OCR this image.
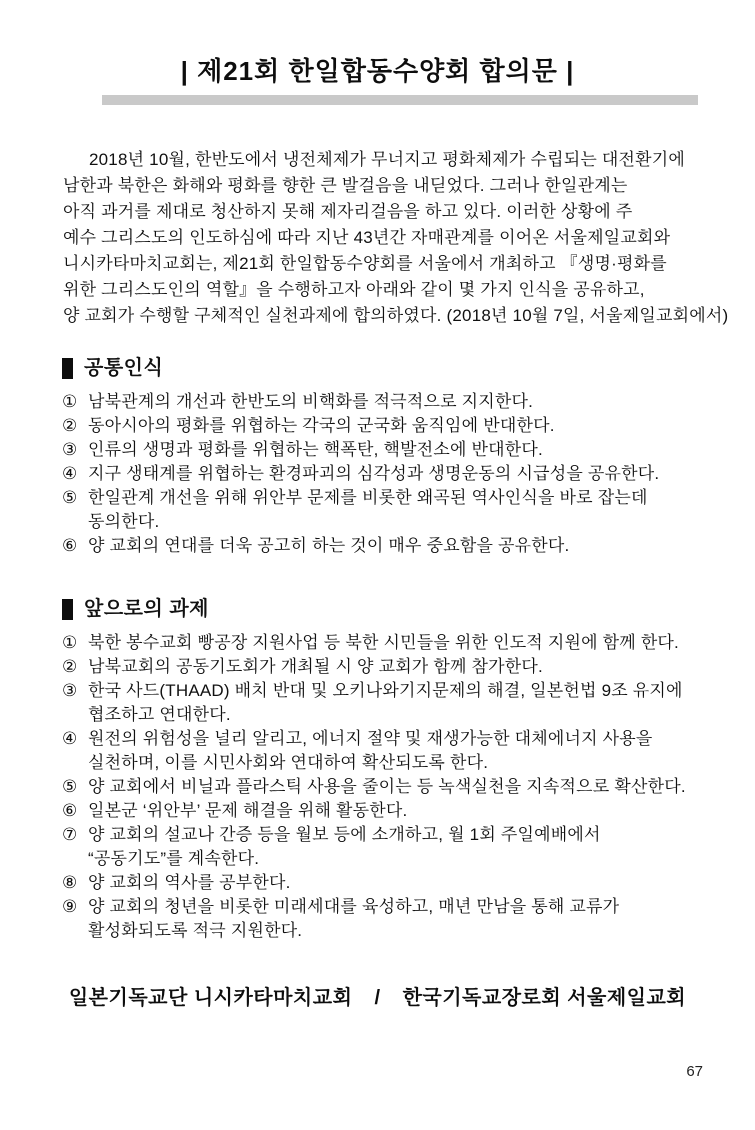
| 제21회 한일합동수양회 합의문 |
2018년 10월, 한반도에서 냉전체제가 무너지고 평화체제가 수립되는 대전환기에
남한과 북한은 화해와 평화를 향한 큰 발걸음을 내딛었다. 그러나 한일관계는
아직 과거를 제대로 청산하지 못해 제자리걸음을 하고 있다. 이러한 상황에 주
예수 그리스도의 인도하심에 따라 지난 43년간 자매관계를 이어온 서울제일교회와
니시카타마치교회는, 제21회 한일합동수양회를 서울에서 개최하고 『생명·평화를
위한 그리스도인의 역할』을 수행하고자 아래와 같이 몇 가지 인식을 공유하고,
양 교회가 수행할 구체적인 실천과제에 합의하였다. (2018년 10월 7일, 서울제일교회에서)
공통인식
① 남북관계의 개선과 한반도의 비핵화를 적극적으로 지지한다.
② 동아시아의 평화를 위협하는 각국의 군국화 움직임에 반대한다.
③ 인류의 생명과 평화를 위협하는 핵폭탄, 핵발전소에 반대한다.
④ 지구 생태계를 위협하는 환경파괴의 심각성과 생명운동의 시급성을 공유한다.
⑤ 한일관계 개선을 위해 위안부 문제를 비롯한 왜곡된 역사인식을 바로 잡는데
동의한다.
⑥ 양 교회의 연대를 더욱 공고히 하는 것이 매우 중요함을 공유한다.
앞으로의 과제
① 북한 봉수교회 빵공장 지원사업 등 북한 시민들을 위한 인도적 지원에 함께 한다.
② 남북교회의 공동기도회가 개최될 시 양 교회가 함께 참가한다.
③ 한국 사드(THAAD) 배치 반대 및 오키나와기지문제의 해결, 일본헌법 9조 유지에
협조하고 연대한다.
④ 원전의 위험성을 널리 알리고, 에너지 절약 및 재생가능한 대체에너지 사용을
실천하며, 이를 시민사회와 연대하여 확산되도록 한다.
⑤ 양 교회에서 비닐과 플라스틱 사용을 줄이는 등 녹색실천을 지속적으로 확산한다.
⑥ 일본군 ‘위안부’ 문제 해결을 위해 활동한다.
⑦ 양 교회의 설교나 간증 등을 월보 등에 소개하고, 월 1회 주일예배에서
“공동기도”를 계속한다.
⑧ 양 교회의 역사를 공부한다.
⑨ 양 교회의 청년을 비롯한 미래세대를 육성하고, 매년 만남을 통해 교류가
활성화되도록 적극 지원한다.
일본기독교단 니시카타마치교회 / 한국기독교장로회 서울제일교회
67
